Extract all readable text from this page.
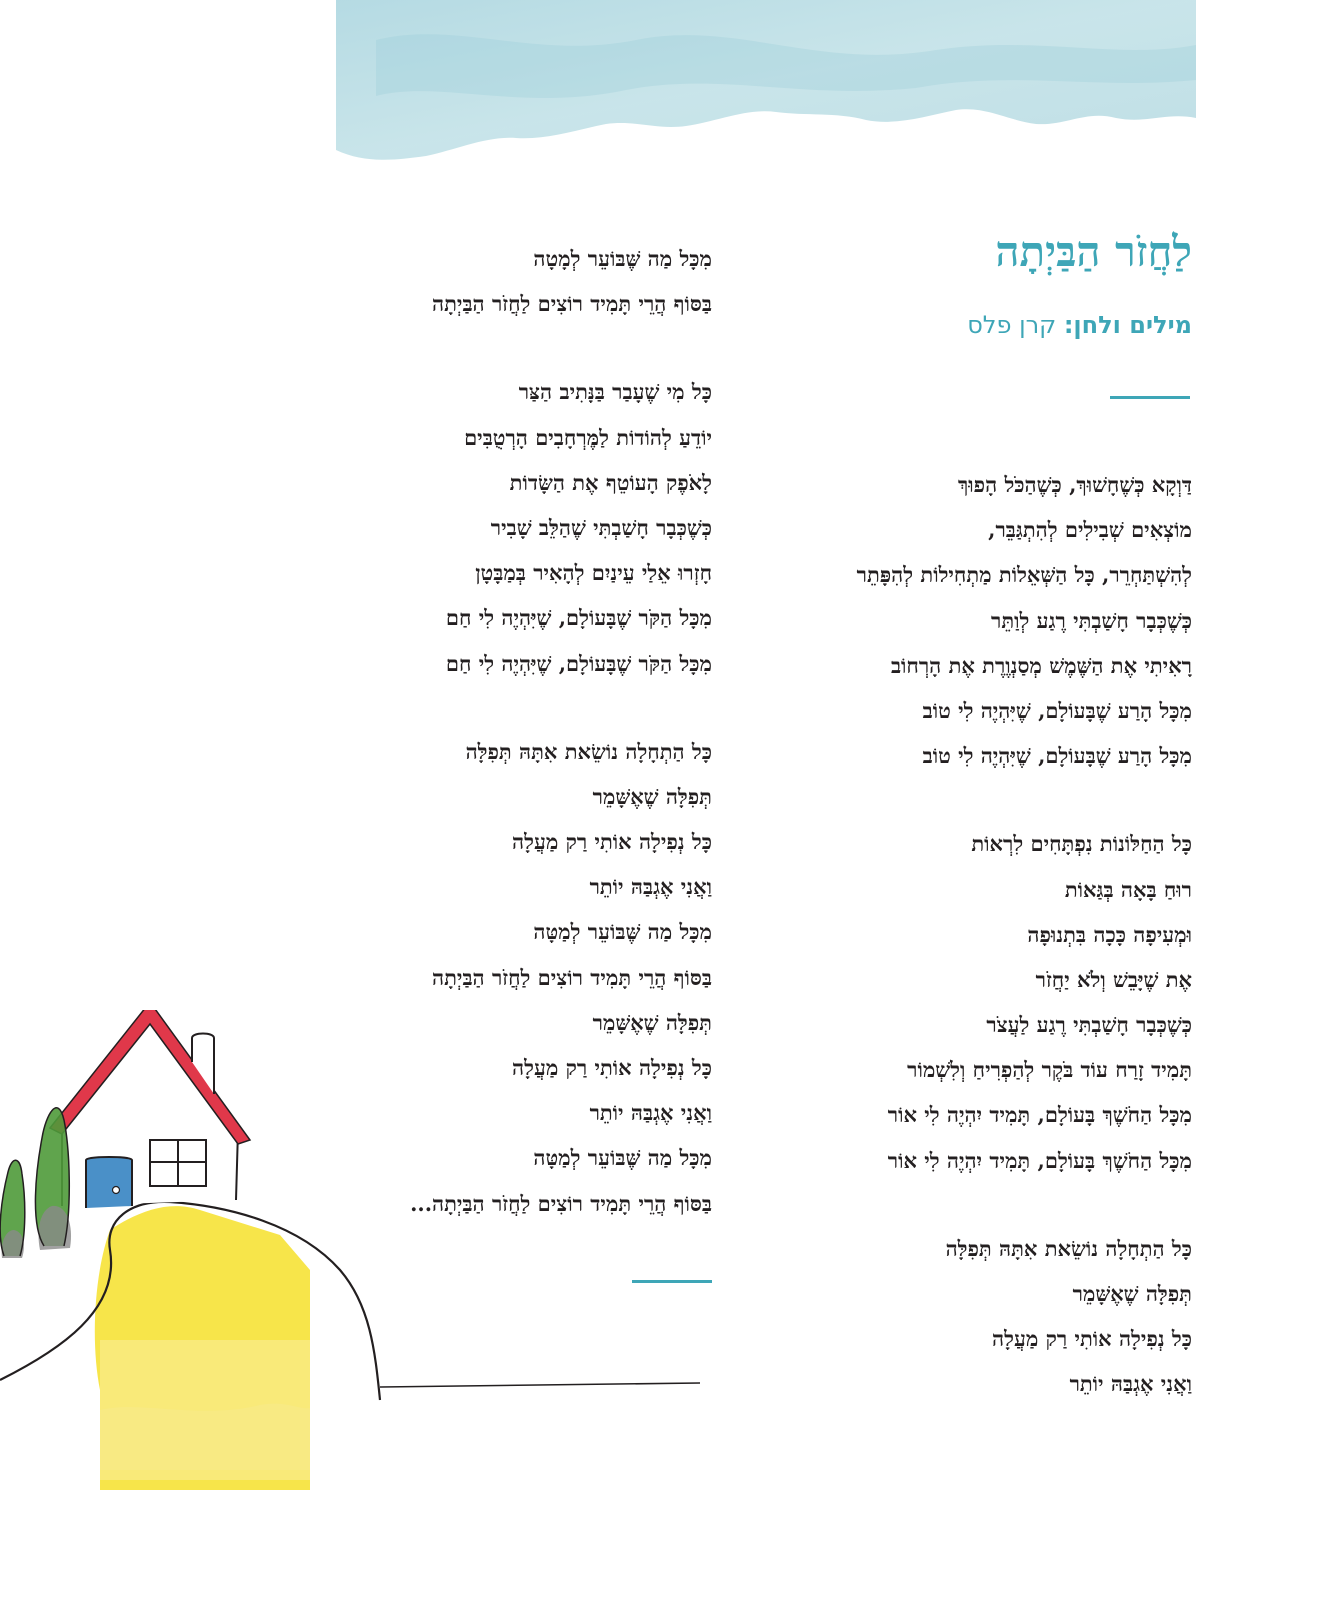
לַחֲזֹר הַבַּיְתָה
מילים ולחן: קרן פלס
דַּוְקָא כְּשֶׁחָשׁוּךְ, כְּשֶׁהַכֹּל הָפוּךְ
מוֹצְאִים שְׁבִילִים לְהִתְגַּבֵּר,
לְהִשְׁתַּחְרֵר, כָּל הַשְּׁאֵלוֹת מַתְחִילוֹת לְהִפָּתֵר
כְּשֶׁכְּבָר חָשַׁבְתִּי רֶגַע לְוַתֵּר
רָאִיתִי אֶת הַשֶּׁמֶשׁ מְסַנְוֶרֶת אֶת הָרְחוֹב
מִכָּל הָרַע שֶׁבָּעוֹלָם, שֶׁיִּהְיֶה לִי טוֹב
מִכָּל הָרַע שֶׁבָּעוֹלָם, שֶׁיִּהְיֶה לִי טוֹב
כָּל הַחַלּוֹנוֹת נִפְתָּחִים לִרְאוֹת
רוּחַ בָּאָה בְּגַּאוֹת
וּמְעִיפָה כָּכָה בִּתְנוּפָה
אֶת שֶׁיָּבֵשׁ וְלֹא יַחֲזֹר
כְּשֶׁכְּבָר חָשַׁבְתִּי רֶגַע לַעֲצֹר
תָּמִיד זָרַח עוֹד בֹּקֶר לְהַפְרִיחַ וְלִשְׁמוֹר
מִכָּל הַחֹשֶׁךְ בָּעוֹלָם, תָּמִיד יִהְיֶה לִי אוֹר
מִכָּל הַחֹשֶׁךְ בָּעוֹלָם, תָּמִיד יִהְיֶה לִי אוֹר
כָּל הַתְחָלָה נוֹשֵׂאת אִתָּהּ תְּפִלָּה
תְּפִלָּה שֶׁאֶשָּׁמֵר
כָּל נְפִילָה אוֹתִי רַק מַעֲלָה
וַאֲנִי אֶגְבַּהּ יוֹתֵר
מִכָּל מַה שֶּׁבּוֹעֵר לְמָטָה
בַּסּוֹף הֲרֵי תָּמִיד רוֹצִים לַחֲזֹר הַבַּיְתָה
כָּל מִי שֶׁעָבַר בַּנָּתִיב הַצַּר
יוֹדֵעַ לְהוֹדוֹת לַמֶּרְחָבִים הָרְטֻבִּים
לָאֹפֶק הָעוֹטֵף אֶת הַשָּׂדוֹת
כְּשֶׁכְּבָר חָשַׁבְתִּי שֶׁהַלֵּב שָׁבִיר
חָזְרוּ אֵלַי עֵינַיִם לְהָאִיר בְּמַבָּטָן
מִכָּל הַקֹּר שֶׁבָּעוֹלָם, שֶׁיִּהְיֶה לִי חַם
מִכָּל הַקֹּר שֶׁבָּעוֹלָם, שֶׁיִּהְיֶה לִי חַם
כָּל הַתְחָלָה נוֹשֵׂאת אִתָּהּ תְּפִלָּה
תְּפִלָּה שֶׁאֶשָּׁמֵר
כָּל נְפִילָה אוֹתִי רַק מַעֲלָה
וַאֲנִי אֶגְבַּהּ יוֹתֵר
מִכָּל מַה שֶּׁבּוֹעֵר לְמַטָּה
בַּסּוֹף הֲרֵי תָּמִיד רוֹצִים לַחֲזֹר הַבַּיְתָה
תְּפִלָּה שֶׁאֶשָּׁמֵר
כָּל נְפִילָה אוֹתִי רַק מַעֲלָה
וַאֲנִי אֶגְבַּהּ יוֹתֵר
מִכָּל מַה שֶּׁבּוֹעֵר לְמַטָּה
בַּסּוֹף הֲרֵי תָּמִיד רוֹצִים לַחֲזֹר הַבַּיְתָה...
